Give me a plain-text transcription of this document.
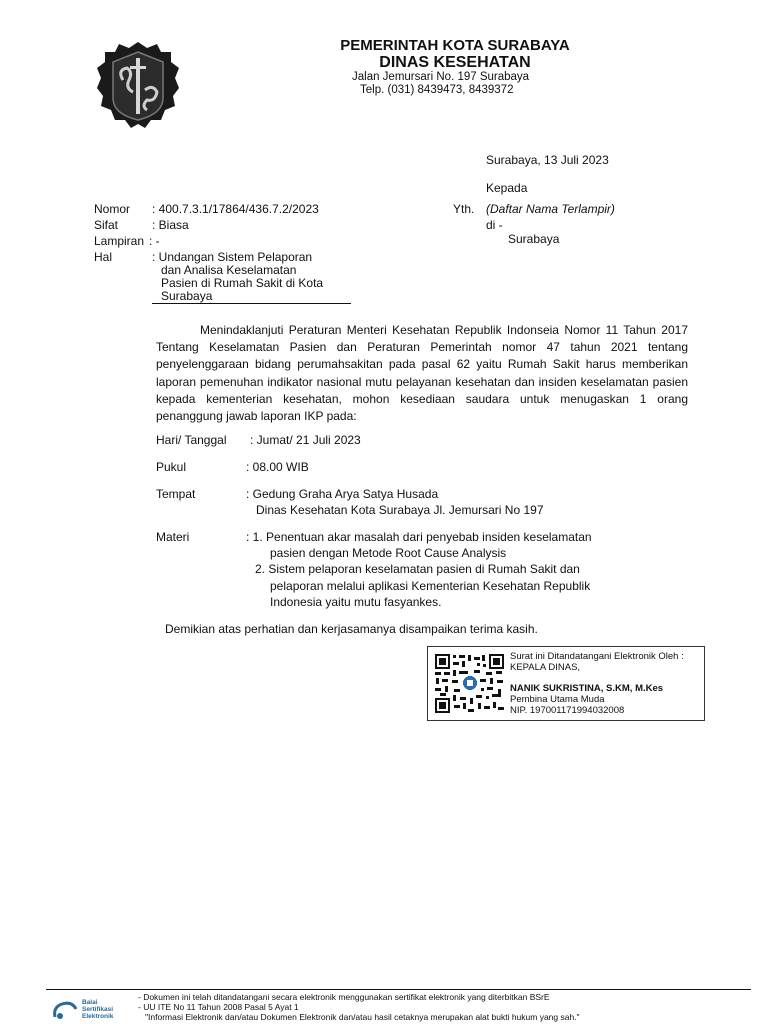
PEMERINTAH KOTA SURABAYA
DINAS KESEHATAN
Jalan Jemursari No. 197 Surabaya
Telp. (031) 8439473, 8439372
Surabaya, 13 Juli 2023
Kepada
Yth. (Daftar Nama Terlampir)
di -
Surabaya
Nomor : 400.7.3.1/17864/436.7.2/2023
Sifat	: Biasa
Lampiran : -
Hal	: Undangan Sistem Pelaporan
dan Analisa Keselamatan
Pasien di Rumah Sakit di Kota
Surabaya
Menindaklanjuti Peraturan Menteri Kesehatan Republik Indonseia Nomor 11 Tahun 2017 Tentang Keselamatan Pasien dan Peraturan Pemerintah nomor 47 tahun 2021 tentang penyelenggaraan bidang perumahsakitan pada pasal 62 yaitu Rumah Sakit harus memberikan laporan pemenuhan indikator nasional mutu pelayanan kesehatan dan insiden keselamatan pasien kepada kementerian kesehatan, mohon kesediaan saudara untuk menugaskan 1 orang penanggung jawab laporan IKP pada:
Hari/ Tanggal : Jumat/ 21 Juli 2023
Pukul	: 08.00 WIB
Tempat	: Gedung Graha Arya Satya Husada
Dinas Kesehatan Kota Surabaya Jl. Jemursari No 197
Materi	: 1. Penentuan akar masalah dari penyebab insiden keselamatan
pasien dengan Metode Root Cause Analysis
2. Sistem pelaporan keselamatan pasien di Rumah Sakit dan
pelaporan melalui aplikasi Kementerian Kesehatan Republik
Indonesia yaitu mutu fasyankes.
Demikian atas perhatian dan kerjasamanya disampaikan terima kasih.
Surat ini Ditandatangani Elektronik Oleh :
KEPALA DINAS,
NANIK SUKRISTINA, S.KM, M.Kes
Pembina Utama Muda
NIP. 197001171994032008
Balai
Sertifikasi
Elektronik
- Dokumen ini telah ditandatangani secara elektronik menggunakan sertifikat elektronik yang diterbitkan BSrE
- UU ITE No 11 Tahun 2008 Pasal 5 Ayat 1
"Informasi Elektronik dan/atau Dokumen Elektronik dan/atau hasil cetaknya merupakan alat bukti hukum yang sah."
